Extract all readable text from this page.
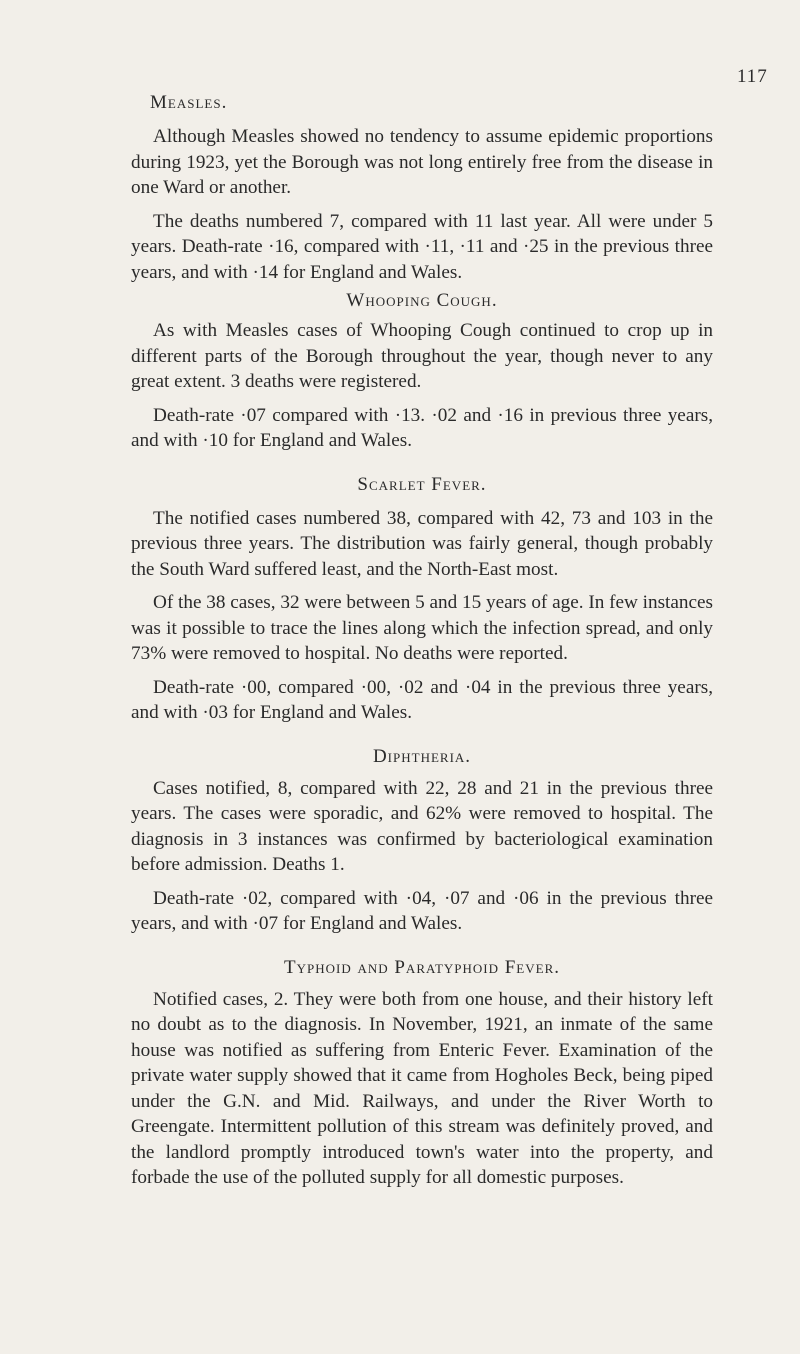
117
Measles.

Although Measles showed no tendency to assume epidemic proportions during 1923, yet the Borough was not long entirely free from the disease in one Ward or another.

The deaths numbered 7, compared with 11 last year. All were under 5 years. Death-rate ·16, compared with ·11, ·11 and ·25 in the previous three years, and with ·14 for England and Wales.

Whooping Cough.

As with Measles cases of Whooping Cough continued to crop up in different parts of the Borough throughout the year, though never to any great extent. 3 deaths were registered.

Death-rate ·07 compared with ·13. ·02 and ·16 in previous three years, and with ·10 for England and Wales.

Scarlet Fever.

The notified cases numbered 38, compared with 42, 73 and 103 in the previous three years. The distribution was fairly general, though probably the South Ward suffered least, and the North-East most.

Of the 38 cases, 32 were between 5 and 15 years of age. In few instances was it possible to trace the lines along which the infection spread, and only 73% were removed to hospital. No deaths were reported.

Death-rate ·00, compared ·00, ·02 and ·04 in the previous three years, and with ·03 for England and Wales.

Diphtheria.

Cases notified, 8, compared with 22, 28 and 21 in the previous three years. The cases were sporadic, and 62% were removed to hospital. The diagnosis in 3 instances was confirmed by bacteriological examination before admission. Deaths 1.

Death-rate ·02, compared with ·04, ·07 and ·06 in the previous three years, and with ·07 for England and Wales.

Typhoid and Paratyphoid Fever.

Notified cases, 2. They were both from one house, and their history left no doubt as to the diagnosis. In November, 1921, an inmate of the same house was notified as suffering from Enteric Fever. Examination of the private water supply showed that it came from Hogholes Beck, being piped under the G.N. and Mid. Railways, and under the River Worth to Greengate. Intermittent pollution of this stream was definitely proved, and the landlord promptly introduced town's water into the property, and forbade the use of the polluted supply for all domestic purposes.
